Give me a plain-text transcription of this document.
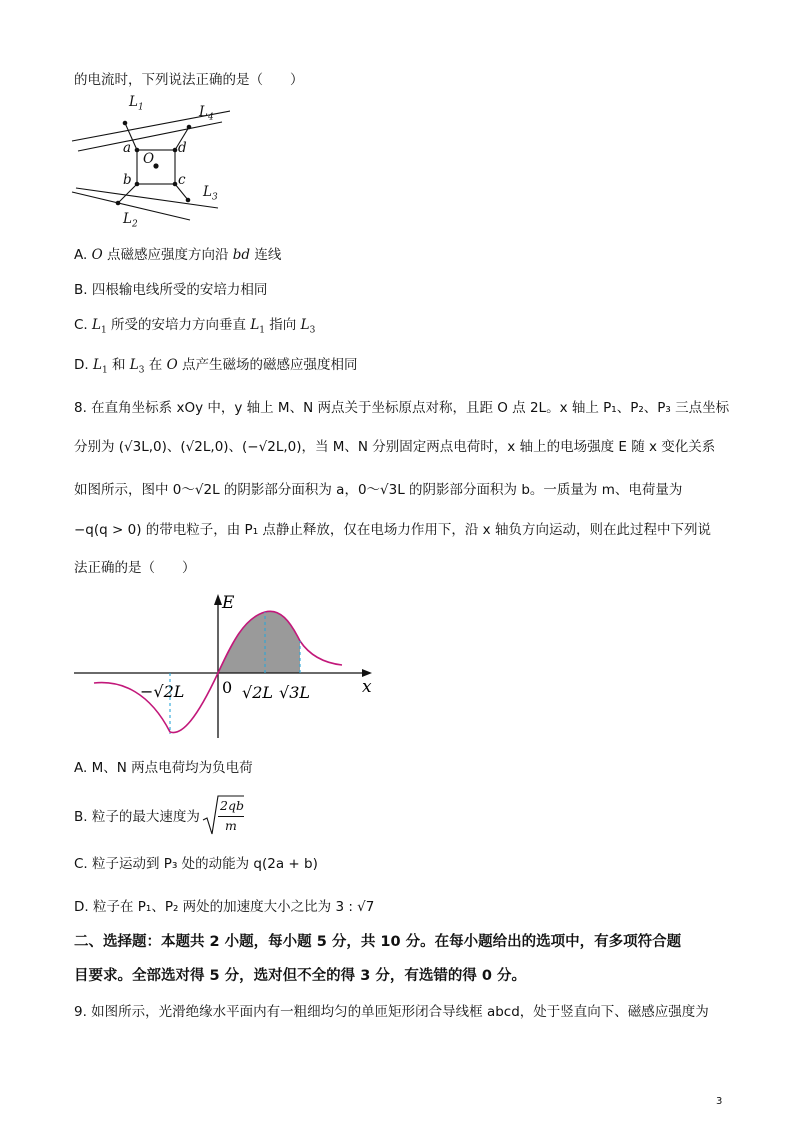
的电流时，下列说法正确的是（　　）
$L_1$	$L_4$
a	d
O
b	c
$L_3$
$L_2$
A. O 点磁感应强度方向沿 bd 连线
B. 四根输电线所受的安培力相同
C. $L_1$ 所受的安培力方向垂直 $L_1$ 指向 $L_3$
D. $L_1$ 和 $L_3$ 在 O 点产生磁场的磁感应强度相同
8. 在直角坐标系 xOy 中，y 轴上 M、N 两点关于坐标原点对称，且距 O 点 2L。x 轴上 P₁、P₂、P₃ 三点坐标
分别为 (√3L,0)、(√2L,0)、(−√2L,0)，当 M、N 分别固定两点电荷时，x 轴上的电场强度 E 随 x 变化关系
如图所示，图中 0～√2L 的阴影部分面积为 a，0～√3L 的阴影部分面积为 b。一质量为 m、电荷量为
−q(q > 0) 的带电粒子，由 P₁ 点静止释放，仅在电场力作用下，沿 x 轴负方向运动，则在此过程中下列说
法正确的是（　　）
E
x
0
−√2L	√2L √3L
A. M、N 两点电荷均为负电荷
B. 粒子的最大速度为
2qb
m
C. 粒子运动到 P₃ 处的动能为 q(2a + b)
D. 粒子在 P₁、P₂ 两处的加速度大小之比为 3 : √7
二、选择题：本题共 2 小题，每小题 5 分，共 10 分。在每小题给出的选项中，有多项符合题
目要求。全部选对得 5 分，选对但不全的得 3 分，有选错的得 0 分。
9. 如图所示，光滑绝缘水平面内有一粗细均匀的单匝矩形闭合导线框 abcd，处于竖直向下、磁感应强度为
3
